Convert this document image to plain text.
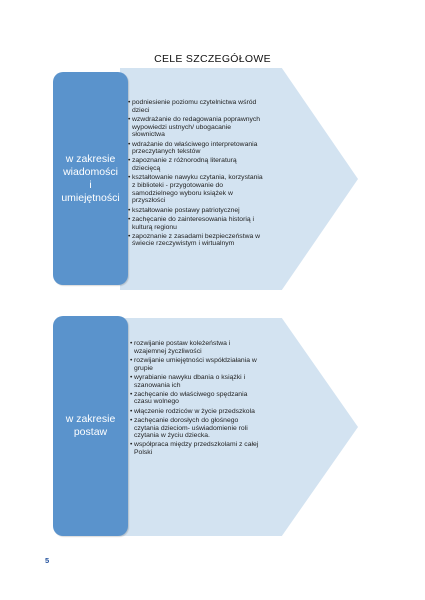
CELE SZCZEGÓŁOWE
w zakresie
wiadomości
i
umiejętności
• podniesienie poziomu czytelnictwa wśród
dzieci
• wzwdrażanie do redagowania poprawnych
wypowiedzi ustnych/ ubogacanie
słownictwa
• wdrażanie do właściwego interpretowania
przeczytanych tekstów
• zapoznanie z różnorodną literaturą
dziecięcą
• kształtowanie nawyku czytania, korzystania
z biblioteki - przygotowanie do
samodzielnego wyboru książek w
przyszłości
• kształtowanie postawy patriotycznej
• zachęcanie do zainteresowania historią i
kulturą regionu
• zapoznanie z zasadami bezpieczeństwa w
świecie rzeczywistym i wirtualnym
w zakresie
postaw
• rozwijanie postaw koleżeństwa i
wzajemnej życzliwości
• rozwijanie umiejętności współdziałania w
grupie
• wyrabianie nawyku dbania o książki i
szanowania ich
• zachęcanie do właściwego spędzania
czasu wolnego
• włączenie rodziców w życie przedszkola
• zachęcanie dorosłych do głośnego
czytania dzieciom- uświadomienie roli
czytania w życiu dziecka.
• współpraca między przedszkolami z całej
Polski
5
